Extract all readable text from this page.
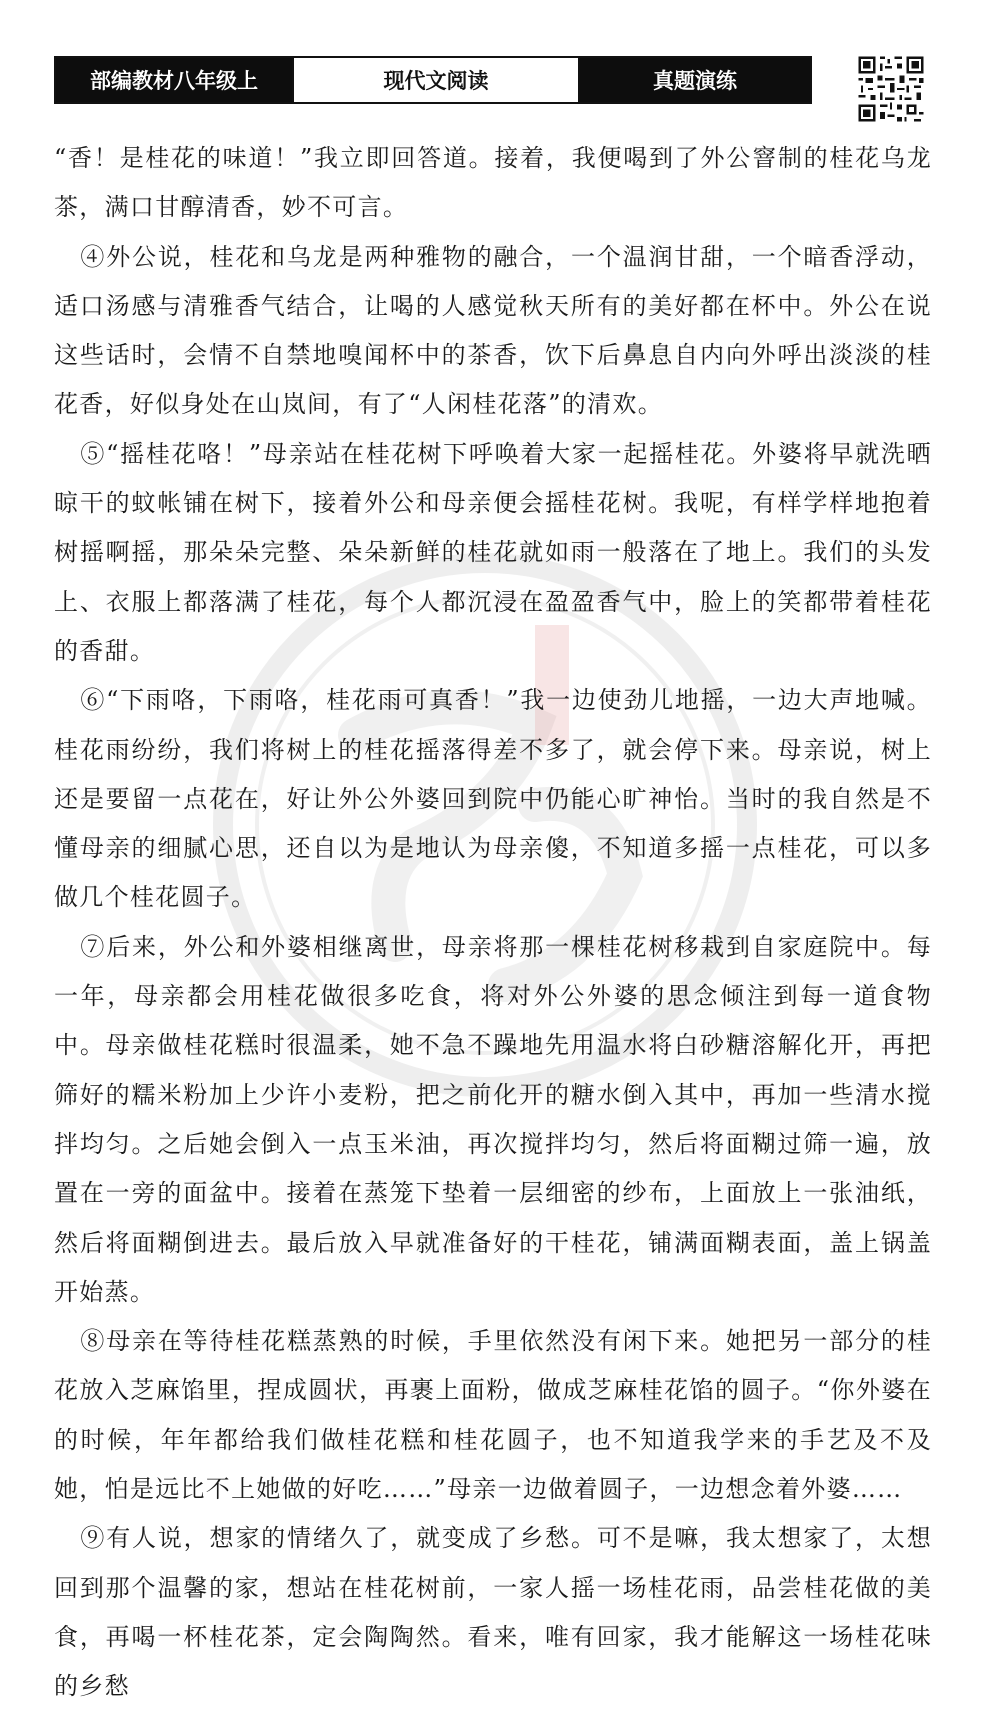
部编教材八年级上	现代文阅读	真题演练

“香！是桂花的味道！”我立即回答道。接着，我便喝到了外公窨制的桂花乌龙茶，满口甘醇清香，妙不可言。

④外公说，桂花和乌龙是两种雅物的融合，一个温润甘甜，一个暗香浮动，适口汤感与清雅香气结合，让喝的人感觉秋天所有的美好都在杯中。外公在说这些话时，会情不自禁地嗅闻杯中的茶香，饮下后鼻息自内向外呼出淡淡的桂花香，好似身处在山岚间，有了“人闲桂花落”的清欢。

⑤“摇桂花咯！”母亲站在桂花树下呼唤着大家一起摇桂花。外婆将早就洗晒晾干的蚊帐铺在树下，接着外公和母亲便会摇桂花树。我呢，有样学样地抱着树摇啊摇，那朵朵完整、朵朵新鲜的桂花就如雨一般落在了地上。我们的头发上、衣服上都落满了桂花，每个人都沉浸在盈盈香气中，脸上的笑都带着桂花的香甜。

⑥“下雨咯，下雨咯，桂花雨可真香！”我一边使劲儿地摇，一边大声地喊。桂花雨纷纷，我们将树上的桂花摇落得差不多了，就会停下来。母亲说，树上还是要留一点花在，好让外公外婆回到院中仍能心旷神怡。当时的我自然是不懂母亲的细腻心思，还自以为是地认为母亲傻，不知道多摇一点桂花，可以多做几个桂花圆子。

⑦后来，外公和外婆相继离世，母亲将那一棵桂花树移栽到自家庭院中。每一年，母亲都会用桂花做很多吃食，将对外公外婆的思念倾注到每一道食物中。母亲做桂花糕时很温柔，她不急不躁地先用温水将白砂糖溶解化开，再把筛好的糯米粉加上少许小麦粉，把之前化开的糖水倒入其中，再加一些清水搅拌均匀。之后她会倒入一点玉米油，再次搅拌均匀，然后将面糊过筛一遍，放置在一旁的面盆中。接着在蒸笼下垫着一层细密的纱布，上面放上一张油纸，然后将面糊倒进去。最后放入早就准备好的干桂花，铺满面糊表面，盖上锅盖开始蒸。

⑧母亲在等待桂花糕蒸熟的时候，手里依然没有闲下来。她把另一部分的桂花放入芝麻馅里，捏成圆状，再裹上面粉，做成芝麻桂花馅的圆子。“你外婆在的时候，年年都给我们做桂花糕和桂花圆子，也不知道我学来的手艺及不及她，怕是远比不上她做的好吃……”母亲一边做着圆子，一边想念着外婆……

⑨有人说，想家的情绪久了，就变成了乡愁。可不是嘛，我太想家了，太想回到那个温馨的家，想站在桂花树前，一家人摇一场桂花雨，品尝桂花做的美食，再喝一杯桂花茶，定会陶陶然。看来，唯有回家，我才能解这一场桂花味的乡愁
